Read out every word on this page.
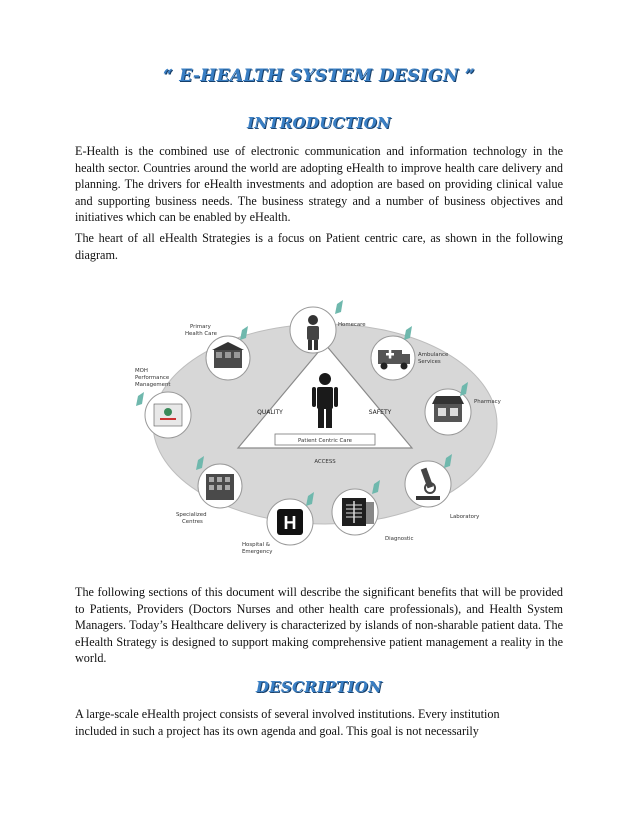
“ E-HEALTH SYSTEM DESIGN ”
INTRODUCTION

E-Health is the combined use of electronic communication and information technology in the health sector. Countries around the world are adopting eHealth to improve health care delivery and planning. The drivers for eHealth investments and adoption are based on providing clinical value and supporting business needs. The business strategy and a number of business objectives and initiatives which can be enabled by eHealth.

The heart of all eHealth Strategies is a focus on Patient centric care, as shown in the following diagram.

Patient Centric Care
QUALITY	SAFETY
ACCESS
Homecare
Primary
Health Care
Ambulance
Services
MOH
Performance
Management
Pharmacy
Specialized
Centres
Laboratory
H
Hospital &
Emergency
Diagnostic

The following sections of this document will describe the significant benefits that will be provided to Patients, Providers (Doctors Nurses and other health care professionals), and Health System Managers. Today’s Healthcare delivery is characterized by islands of non-sharable patient data. The eHealth Strategy is designed to support making comprehensive patient management a reality in the world.

DESCRIPTION
A large-scale eHealth project consists of several involved institutions. Every institution
included in such a project has its own agenda and goal. This goal is not necessarily
